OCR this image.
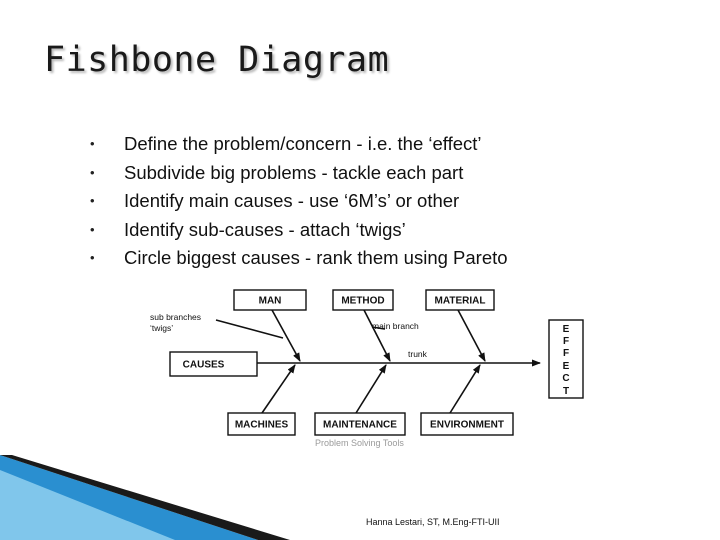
Fishbone Diagram
• Define the problem/concern - i.e. the ‘effect’
• Subdivide big problems - tackle each part
• Identify main causes - use ‘6M’s’ or other
• Identify sub-causes - attach ‘twigs’
• Circle biggest causes - rank them using Pareto
MAN	METHOD	MATERIAL
MACHINES	MAINTENANCE	ENVIRONMENT
CAUSES
E
F
F
E
C
T
sub branches
‘twigs’	main branch
trunk
Problem Solving Tools
Hanna Lestari, ST, M.Eng-FTI-UII
